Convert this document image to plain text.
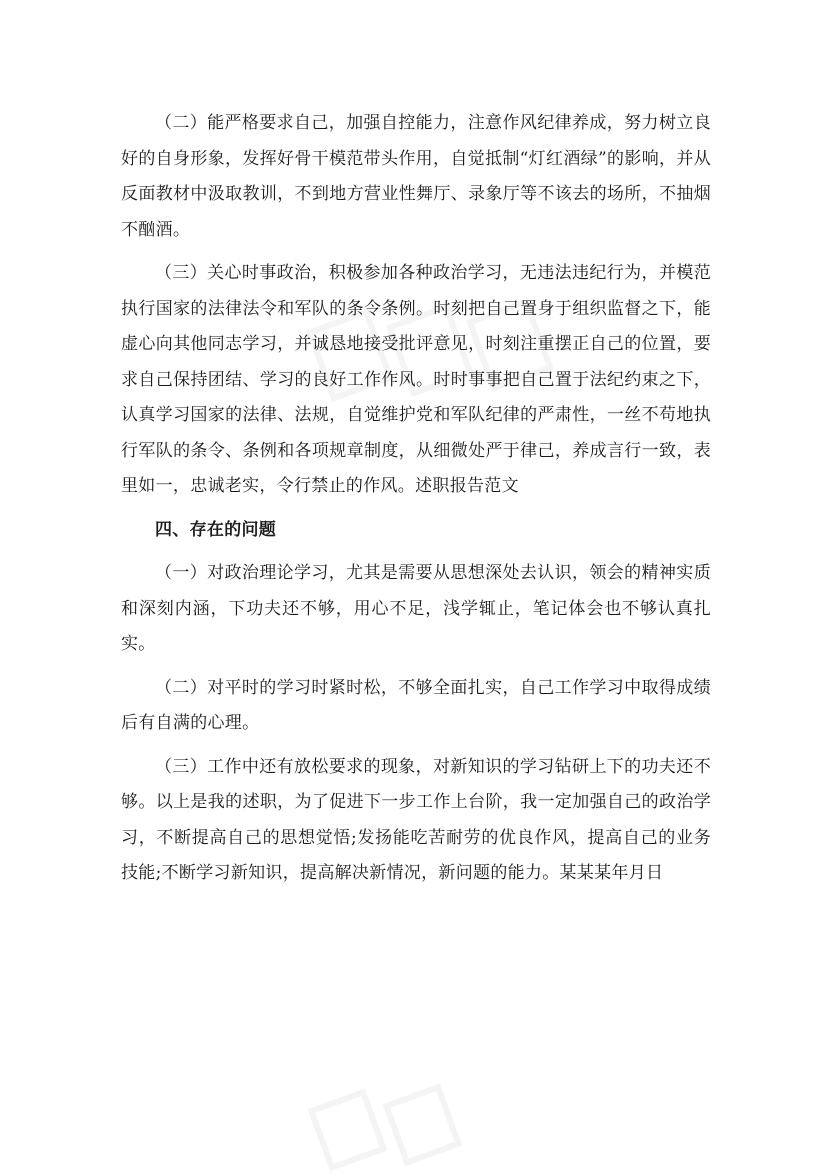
（二）能严格要求自己，加强自控能力，注意作风纪律养成，努力树立良好的自身形象，发挥好骨干模范带头作用，自觉抵制“灯红酒绿”的影响，并从反面教材中汲取教训，不到地方营业性舞厅、录象厅等不该去的场所，不抽烟不酗酒。

（三）关心时事政治，积极参加各种政治学习，无违法违纪行为，并模范执行国家的法律法令和军队的条令条例。时刻把自己置身于组织监督之下，能虚心向其他同志学习，并诚恳地接受批评意见，时刻注重摆正自己的位置，要求自己保持团结、学习的良好工作作风。时时事事把自己置于法纪约束之下，认真学习国家的法律、法规，自觉维护党和军队纪律的严肃性，一丝不苟地执行军队的条令、条例和各项规章制度，从细微处严于律己，养成言行一致，表里如一，忠诚老实，令行禁止的作风。述职报告范文

四、存在的问题

（一）对政治理论学习，尤其是需要从思想深处去认识，领会的精神实质和深刻内涵，下功夫还不够，用心不足，浅学辄止，笔记体会也不够认真扎实。

（二）对平时的学习时紧时松，不够全面扎实，自己工作学习中取得成绩后有自满的心理。

（三）工作中还有放松要求的现象，对新知识的学习钻研上下的功夫还不够。以上是我的述职，为了促进下一步工作上台阶，我一定加强自己的政治学习，不断提高自己的思想觉悟;发扬能吃苦耐劳的优良作风，提高自己的业务技能;不断学习新知识，提高解决新情况，新问题的能力。某某某年月日
